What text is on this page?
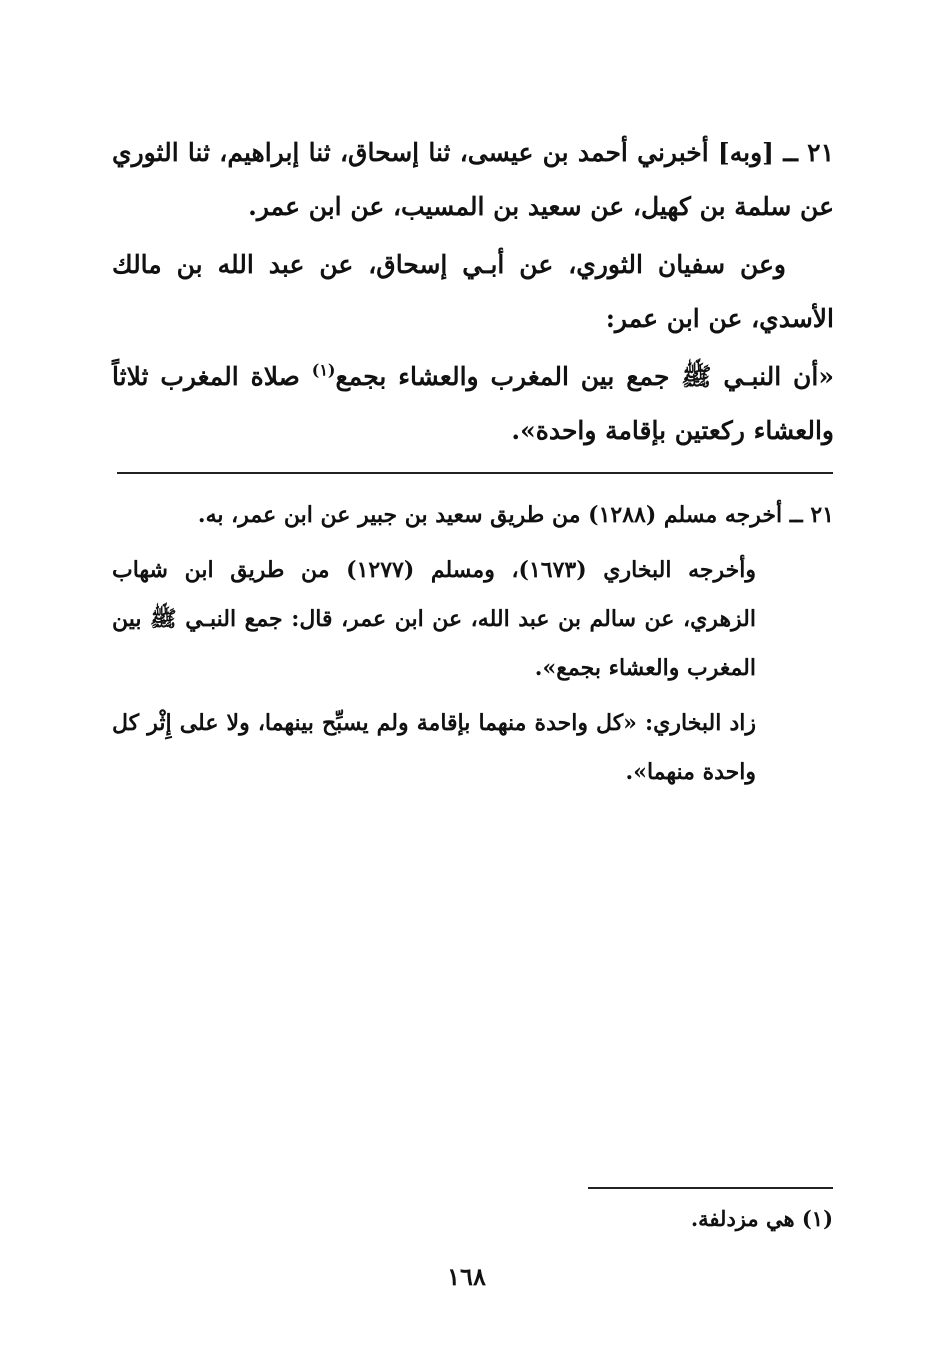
٢١ ــ [وبه] أخبرني أحمد بن عيسى، ثنا إسحاق، ثنا إبراهيم، ثنا الثوري عن سلمة بن كهيل، عن سعيد بن المسيب، عن ابن عمر.

وعن سفيان الثوري، عن أبـي إسحاق، عن عبد الله بن مالك الأسدي، عن ابن عمر:

«أن النبـي ﷺ جمع بين المغرب والعشاء بجمع$^{(١)}$ صلاة المغرب ثلاثاً والعشاء ركعتين بإقامة واحدة».

٢١ ــ أخرجه مسلم (١٢٨٨) من طريق سعيد بن جبير عن ابن عمر، به.

وأخرجه البخاري (١٦٧٣)، ومسلم (١٢٧٧) من طريق ابن شهاب الزهري، عن سالم بن عبد الله، عن ابن عمر، قال: جمع النبـي ﷺ بين المغرب والعشاء بجمع».

زاد البخاري: «كل واحدة منهما بإقامة ولم يسبِّح بينهما، ولا على إِثْر كل واحدة منهما».

(١) هي مزدلفة.
١٦٨
